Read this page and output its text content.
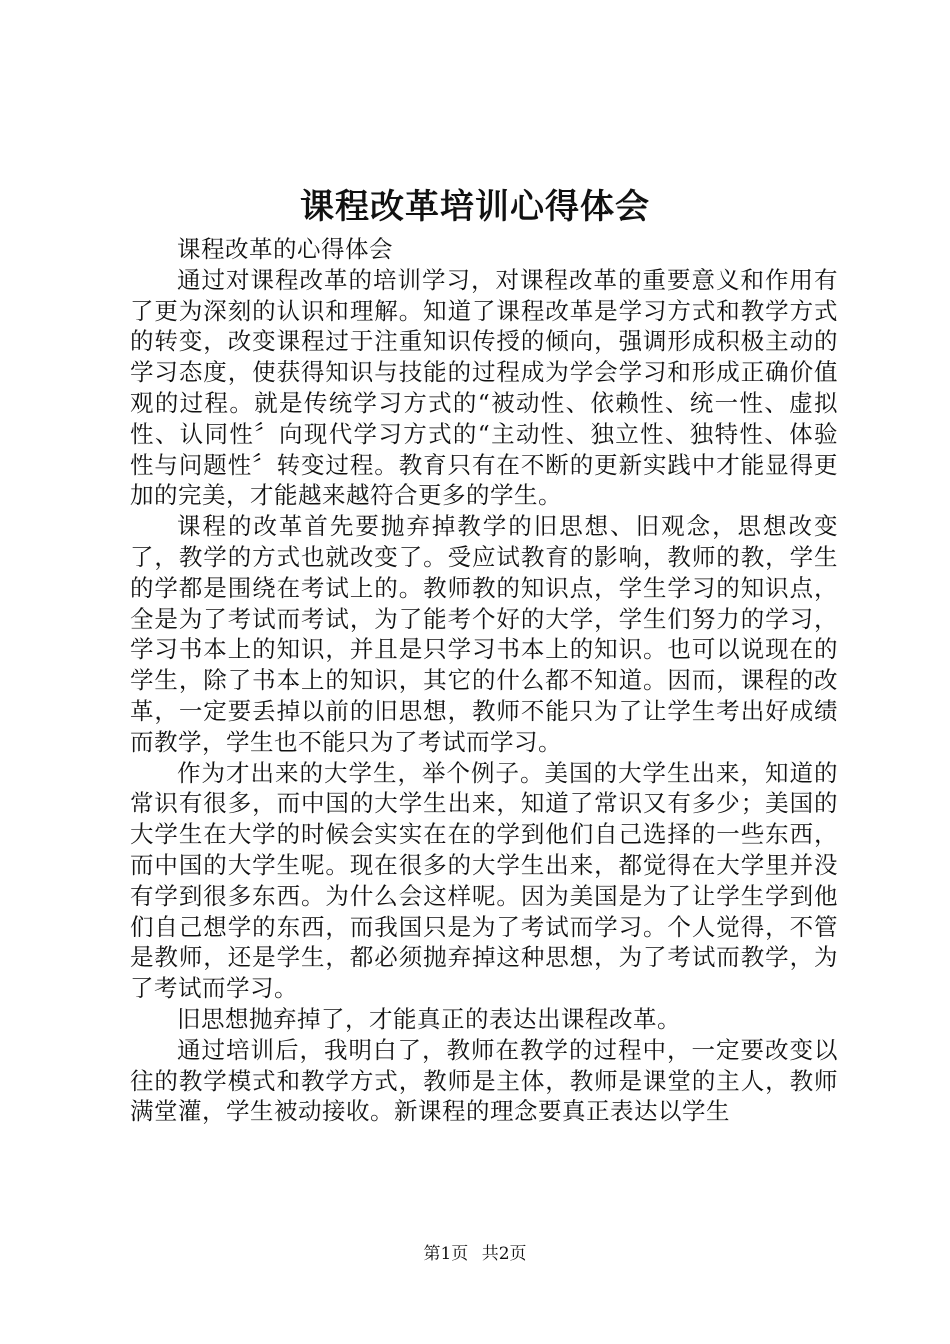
课程改革培训心得体会

课程改革的心得体会

通过对课程改革的培训学习，对课程改革的重要意义和作用有了更为深刻的认识和理解。知道了课程改革是学习方式和教学方式的转变，改变课程过于注重知识传授的倾向，强调形成积极主动的学习态度，使获得知识与技能的过程成为学会学习和形成正确价值观的过程。就是传统学习方式的“被动性、依赖性、统一性、虚拟性、认同性〞向现代学习方式的“主动性、独立性、独特性、体验性与问题性〞转变过程。教育只有在不断的更新实践中才能显得更加的完美，才能越来越符合更多的学生。

课程的改革首先要抛弃掉教学的旧思想、旧观念，思想改变了，教学的方式也就改变了。受应试教育的影响，教师的教，学生的学都是围绕在考试上的。教师教的知识点，学生学习的知识点，全是为了考试而考试，为了能考个好的大学，学生们努力的学习，学习书本上的知识，并且是只学习书本上的知识。也可以说现在的学生，除了书本上的知识，其它的什么都不知道。因而，课程的改革，一定要丢掉以前的旧思想，教师不能只为了让学生考出好成绩而教学，学生也不能只为了考试而学习。

作为才出来的大学生，举个例子。美国的大学生出来，知道的常识有很多，而中国的大学生出来，知道了常识又有多少；美国的大学生在大学的时候会实实在在的学到他们自己选择的一些东西，而中国的大学生呢。现在很多的大学生出来，都觉得在大学里并没有学到很多东西。为什么会这样呢。因为美国是为了让学生学到他们自己想学的东西，而我国只是为了考试而学习。个人觉得，不管是教师，还是学生，都必须抛弃掉这种思想，为了考试而教学，为了考试而学习。

旧思想抛弃掉了，才能真正的表达出课程改革。

通过培训后，我明白了，教师在教学的过程中，一定要改变以往的教学模式和教学方式，教师是主体，教师是课堂的主人，教师满堂灌，学生被动接收。新课程的理念要真正表达以学生

第1页 共2页
